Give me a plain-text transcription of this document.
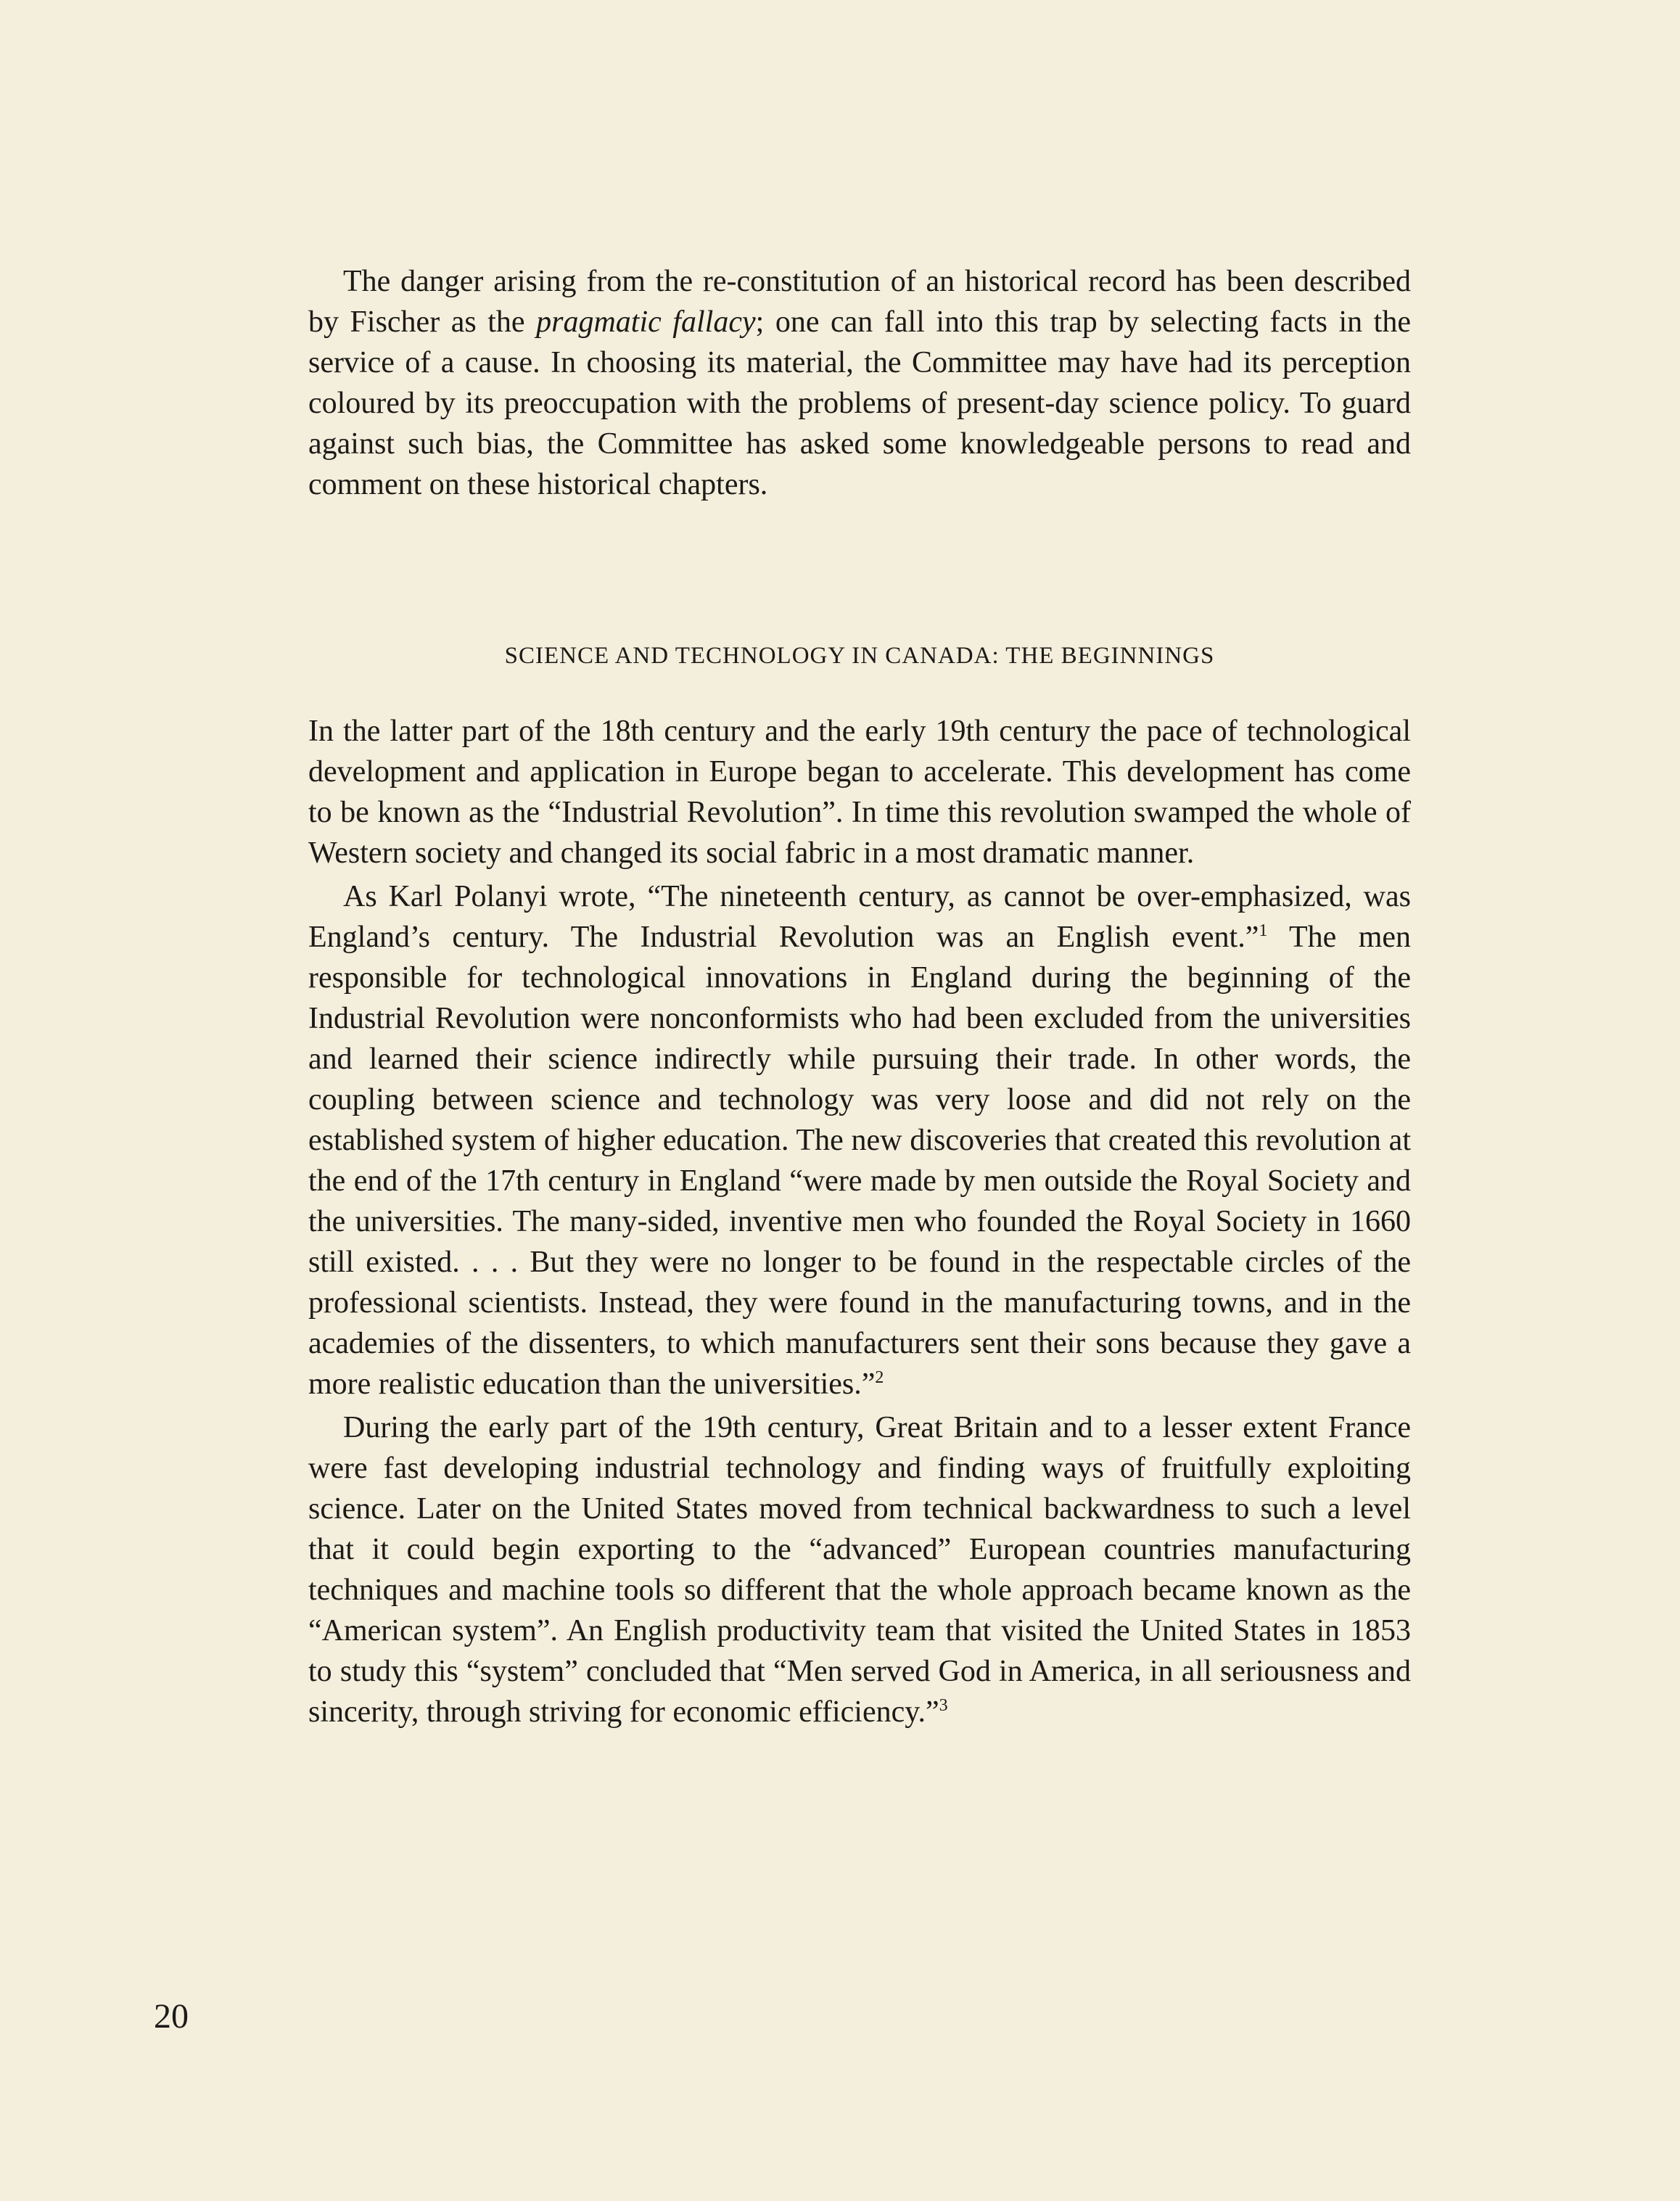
The danger arising from the re-constitution of an historical record has been described by Fischer as the pragmatic fallacy; one can fall into this trap by selecting facts in the service of a cause. In choosing its material, the Committee may have had its perception coloured by its preoccupation with the problems of present-day science policy. To guard against such bias, the Committee has asked some knowledgeable persons to read and comment on these historical chapters.

SCIENCE AND TECHNOLOGY IN CANADA: THE BEGINNINGS

In the latter part of the 18th century and the early 19th century the pace of technological development and application in Europe began to accelerate. This development has come to be known as the “Industrial Revolution”. In time this revolution swamped the whole of Western society and changed its social fabric in a most dramatic manner.

As Karl Polanyi wrote, “The nineteenth century, as cannot be over-emphasized, was England’s century. The Industrial Revolution was an English event.”$^1$ The men responsible for technological innovations in England during the beginning of the Industrial Revolution were nonconformists who had been excluded from the universities and learned their science indirectly while pursuing their trade. In other words, the coupling between science and technology was very loose and did not rely on the established system of higher education. The new discoveries that created this revolution at the end of the 17th century in England “were made by men outside the Royal Society and the universities. The many-sided, inventive men who founded the Royal Society in 1660 still existed. . . . But they were no longer to be found in the respectable circles of the professional scientists. Instead, they were found in the manufacturing towns, and in the academies of the dissenters, to which manufacturers sent their sons because they gave a more realistic education than the universities.”$^2$

During the early part of the 19th century, Great Britain and to a lesser extent France were fast developing industrial technology and finding ways of fruitfully exploiting science. Later on the United States moved from technical backwardness to such a level that it could begin exporting to the “advanced” European countries manufacturing techniques and machine tools so different that the whole approach became known as the “American system”. An English productivity team that visited the United States in 1853 to study this “system” concluded that “Men served God in America, in all seriousness and sincerity, through striving for economic efficiency.”$^3$

20
